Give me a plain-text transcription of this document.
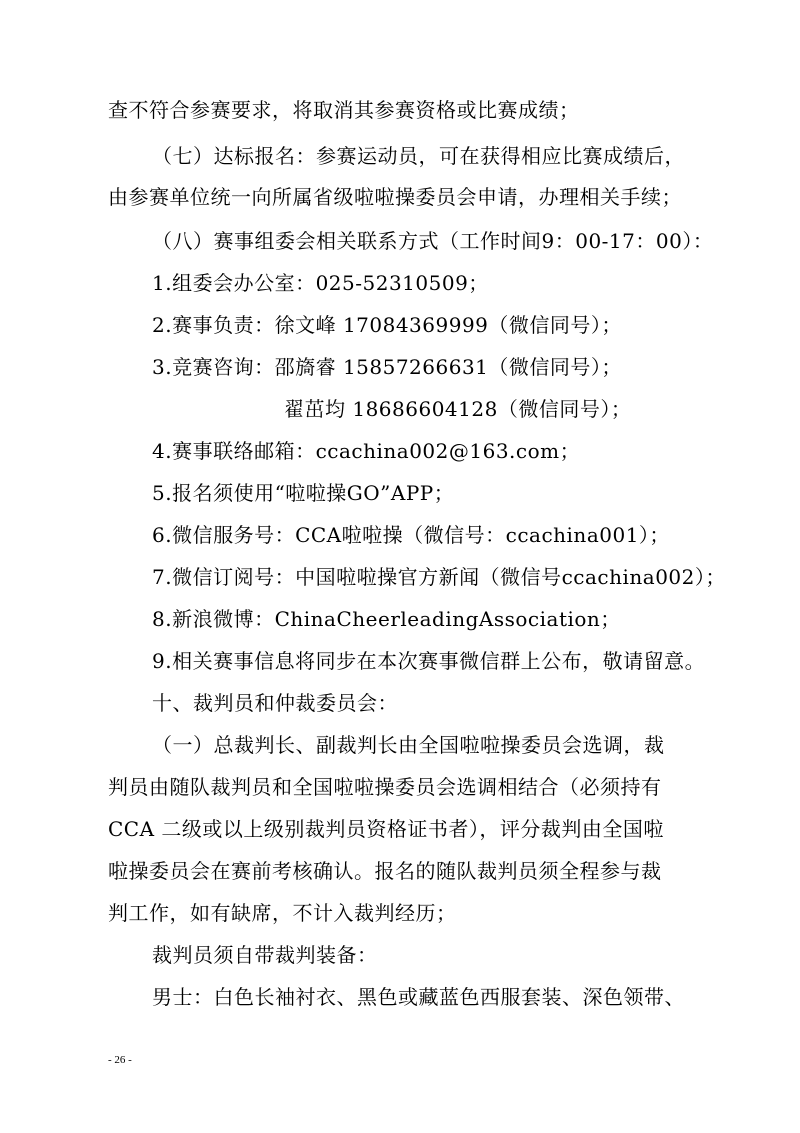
查不符合参赛要求，将取消其参赛资格或比赛成绩；
（七）达标报名：参赛运动员，可在获得相应比赛成绩后，
由参赛单位统一向所属省级啦啦操委员会申请，办理相关手续；
（八）赛事组委会相关联系方式（工作时间9：00-17：00）：
1.组委会办公室：025-52310509；
2.赛事负责：徐文峰 17084369999（微信同号）；
3.竞赛咨询：邵旖睿 15857266631（微信同号）；
翟茁均 18686604128（微信同号）；
4.赛事联络邮箱：ccachina002@163.com；
5.报名须使用“啦啦操GO”APP；
6.微信服务号：CCA啦啦操（微信号：ccachina001）；
7.微信订阅号：中国啦啦操官方新闻（微信号ccachina002）；
8.新浪微博：ChinaCheerleadingAssociation；
9.相关赛事信息将同步在本次赛事微信群上公布，敬请留意。
十、裁判员和仲裁委员会：
（一）总裁判长、副裁判长由全国啦啦操委员会选调，裁
判员由随队裁判员和全国啦啦操委员会选调相结合（必须持有
CCA 二级或以上级别裁判员资格证书者），评分裁判由全国啦
啦操委员会在赛前考核确认。报名的随队裁判员须全程参与裁
判工作，如有缺席，不计入裁判经历；
裁判员须自带裁判装备：
男士：白色长袖衬衣、黑色或藏蓝色西服套装、深色领带、
- 26 -
